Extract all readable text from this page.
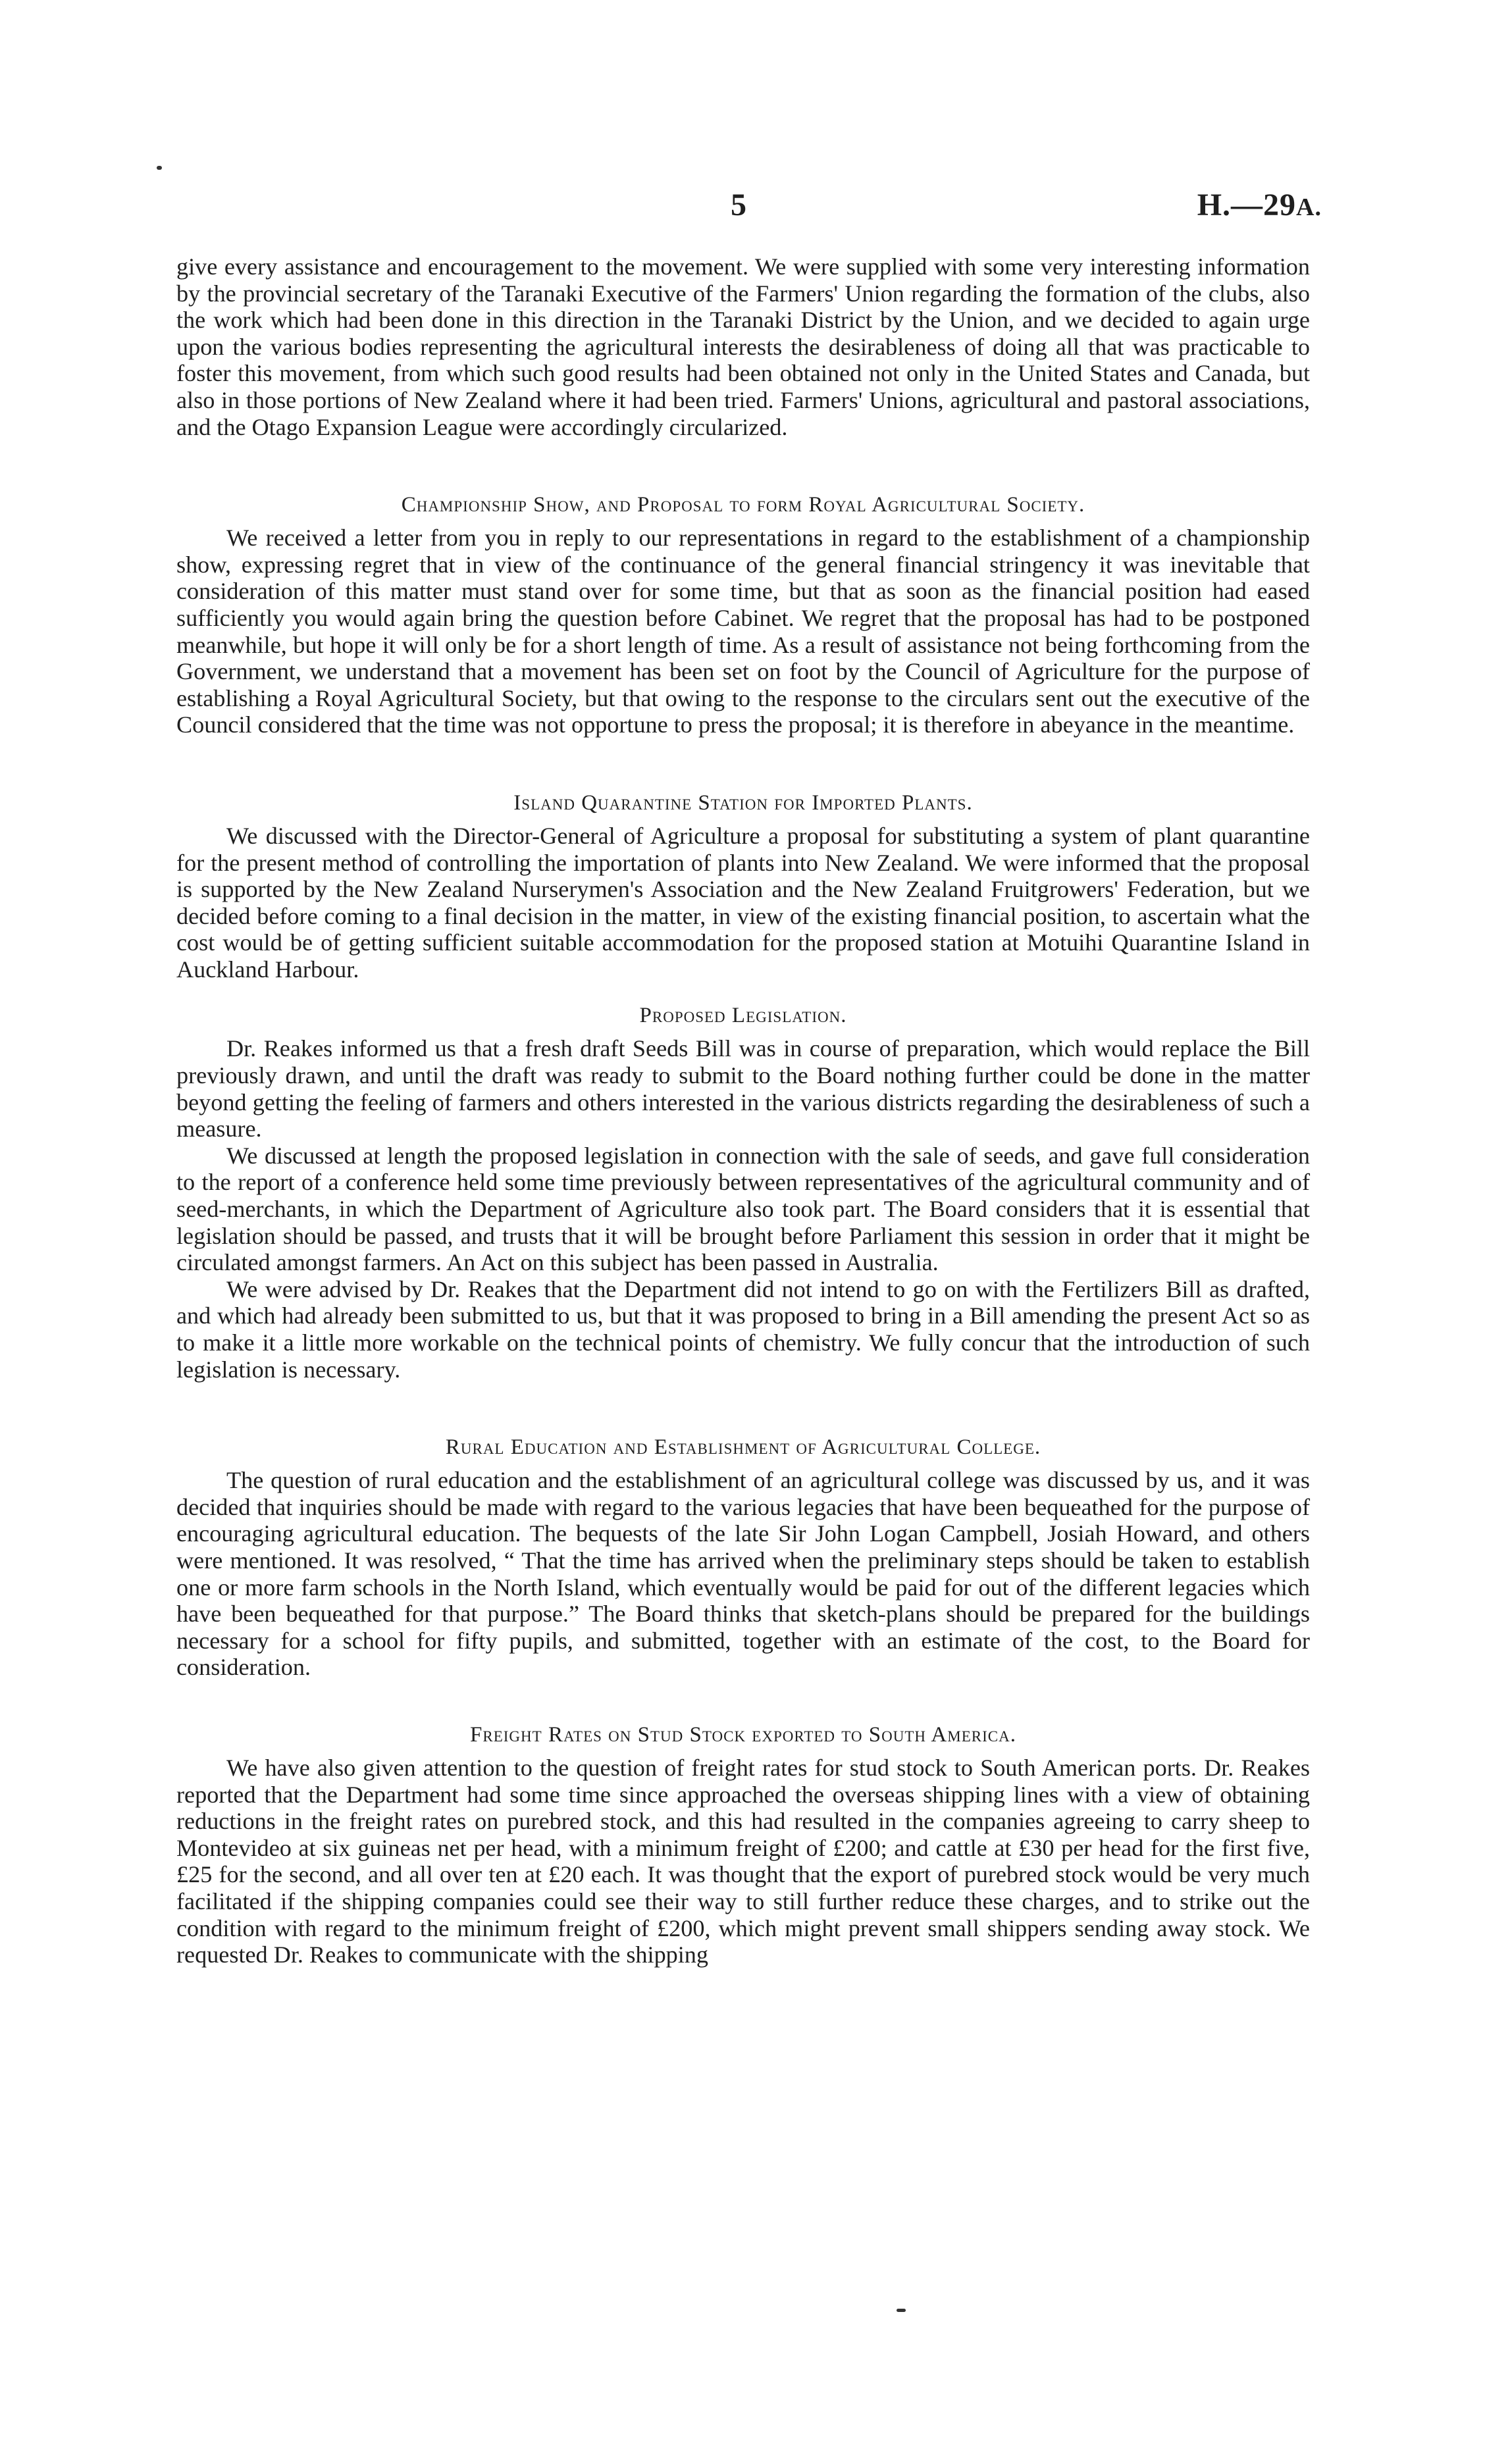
5	H.—29A.

give every assistance and encouragement to the movement. We were supplied with some very interesting information by the provincial secretary of the Taranaki Executive of the Farmers' Union regarding the formation of the clubs, also the work which had been done in this direction in the Taranaki District by the Union, and we decided to again urge upon the various bodies representing the agricultural interests the desirableness of doing all that was practicable to foster this movement, from which such good results had been obtained not only in the United States and Canada, but also in those portions of New Zealand where it had been tried. Farmers' Unions, agricultural and pastoral associations, and the Otago Expansion League were accordingly circularized.

Championship Show, and Proposal to form Royal Agricultural Society.

We received a letter from you in reply to our representations in regard to the establishment of a championship show, expressing regret that in view of the continuance of the general financial stringency it was inevitable that consideration of this matter must stand over for some time, but that as soon as the financial position had eased sufficiently you would again bring the question before Cabinet. We regret that the proposal has had to be postponed meanwhile, but hope it will only be for a short length of time. As a result of assistance not being forthcoming from the Government, we understand that a movement has been set on foot by the Council of Agriculture for the purpose of establishing a Royal Agricultural Society, but that owing to the response to the circulars sent out the executive of the Council considered that the time was not opportune to press the proposal; it is therefore in abeyance in the meantime.

Island Quarantine Station for Imported Plants.

We discussed with the Director-General of Agriculture a proposal for substituting a system of plant quarantine for the present method of controlling the importation of plants into New Zealand. We were informed that the proposal is supported by the New Zealand Nurserymen's Association and the New Zealand Fruitgrowers' Federation, but we decided before coming to a final decision in the matter, in view of the existing financial position, to ascertain what the cost would be of getting sufficient suitable accommodation for the proposed station at Motuihi Quarantine Island in Auckland Harbour.

Proposed Legislation.

Dr. Reakes informed us that a fresh draft Seeds Bill was in course of preparation, which would replace the Bill previously drawn, and until the draft was ready to submit to the Board nothing further could be done in the matter beyond getting the feeling of farmers and others interested in the various districts regarding the desirableness of such a measure.

We discussed at length the proposed legislation in connection with the sale of seeds, and gave full consideration to the report of a conference held some time previously between representatives of the agricultural community and of seed-merchants, in which the Department of Agriculture also took part. The Board considers that it is essential that legislation should be passed, and trusts that it will be brought before Parliament this session in order that it might be circulated amongst farmers. An Act on this subject has been passed in Australia.

We were advised by Dr. Reakes that the Department did not intend to go on with the Fertilizers Bill as drafted, and which had already been submitted to us, but that it was proposed to bring in a Bill amending the present Act so as to make it a little more workable on the technical points of chemistry. We fully concur that the introduction of such legislation is necessary.

Rural Education and Establishment of Agricultural College.

The question of rural education and the establishment of an agricultural college was discussed by us, and it was decided that inquiries should be made with regard to the various legacies that have been bequeathed for the purpose of encouraging agricultural education. The bequests of the late Sir John Logan Campbell, Josiah Howard, and others were mentioned. It was resolved, “ That the time has arrived when the preliminary steps should be taken to establish one or more farm schools in the North Island, which eventually would be paid for out of the different legacies which have been bequeathed for that purpose.” The Board thinks that sketch-plans should be prepared for the buildings necessary for a school for fifty pupils, and submitted, together with an estimate of the cost, to the Board for consideration.

Freight Rates on Stud Stock exported to South America.

We have also given attention to the question of freight rates for stud stock to South American ports. Dr. Reakes reported that the Department had some time since approached the overseas shipping lines with a view of obtaining reductions in the freight rates on purebred stock, and this had resulted in the companies agreeing to carry sheep to Montevideo at six guineas net per head, with a minimum freight of £200; and cattle at £30 per head for the first five, £25 for the second, and all over ten at £20 each. It was thought that the export of purebred stock would be very much facilitated if the shipping companies could see their way to still further reduce these charges, and to strike out the condition with regard to the minimum freight of £200, which might prevent small shippers sending away stock. We requested Dr. Reakes to communicate with the shipping
